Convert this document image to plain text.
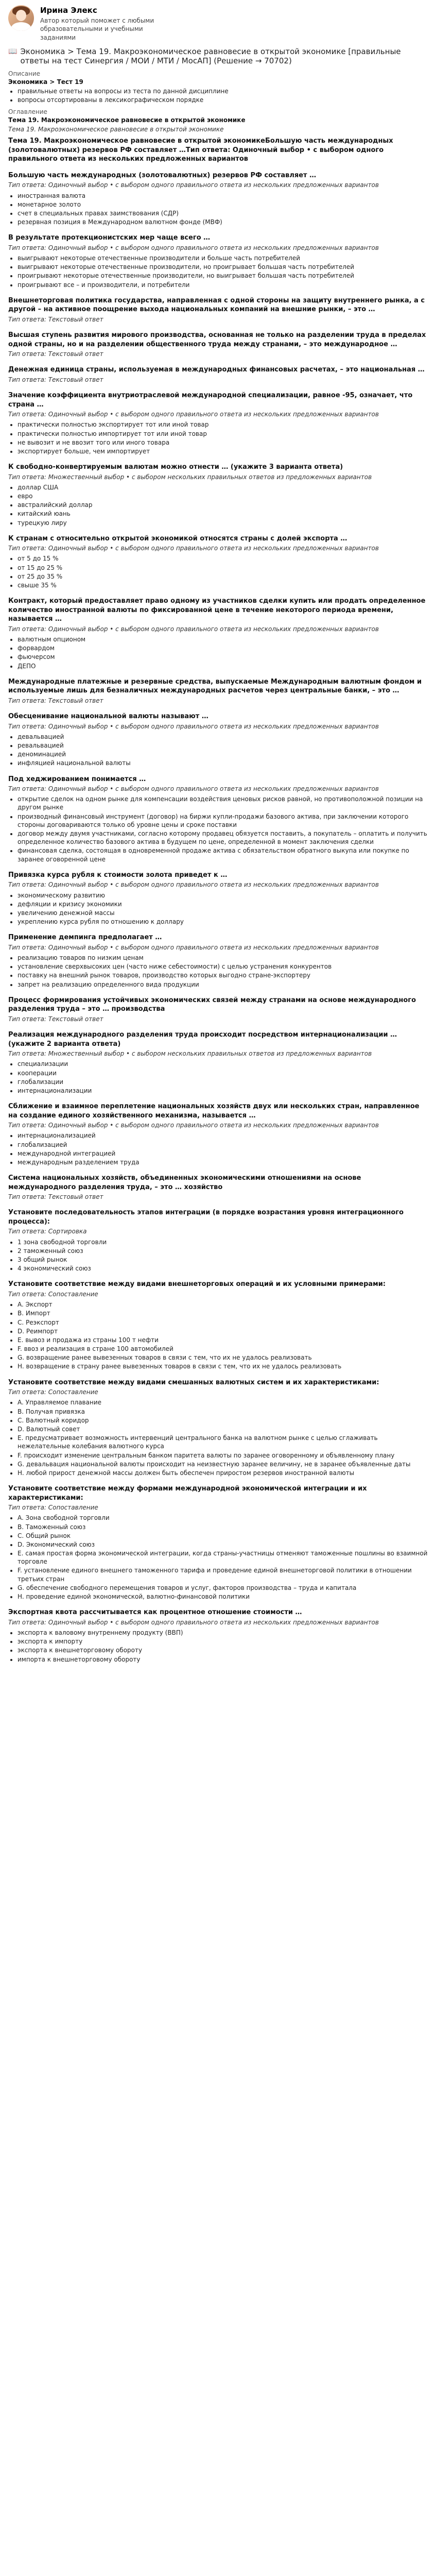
Ирина Элекс
Автор который поможет с любыми образовательными и учебными заданиями
📖 Экономика > Тема 19. Макроэкономическое равновесие в открытой экономике [правильные ответы на тест Синергия / МОИ / МТИ / МосАП] (Решение → 70702)
Описание
Экономика > Тест 19
• правильные ответы на вопросы из теста по данной дисциплине
• вопросы отсортированы в лексикографическом порядке
Оглавление
Тема 19. Макроэкономическое равновесие в открытой экономике
Тема 19. Макроэкономическое равновесие в открытой экономике
Тема 19. Макроэкономическое равновесие в открытой экономикеБольшую часть международных (золотовалютных) резервов РФ составляет …Тип ответа: Одиночный выбор • с выбором одного правильного ответа из нескольких предложенных вариантов
Большую часть международных (золотовалютных) резервов РФ составляет …
Тип ответа: Одиночный выбор • с выбором одного правильного ответа из нескольких предложенных вариантов
• иностранная валюта
• монетарное золото
• счет в специальных правах заимствования (СДР)
• резервная позиция в Международном валютном фонде (МВФ)
В результате протекционистских мер чаще всего …
Тип ответа: Одиночный выбор • с выбором одного правильного ответа из нескольких предложенных вариантов
• выигрывают некоторые отечественные производители и больше часть потребителей
• выигрывают некоторые отечественные производители, но проигрывает большая часть потребителей
• проигрывают некоторые отечественные производители, но выигрывает большая часть потребителей
• проигрывают все – и производители, и потребители
Внешнеторговая политика государства, направленная с одной стороны на защиту внутреннего рынка, а с другой – на активное поощрение выхода национальных компаний на внешние рынки, – это …
Тип ответа: Текстовый ответ
Высшая ступень развития мирового производства, основанная не только на разделении труда в пределах одной страны, но и на разделении общественного труда между странами, – это международное …
Тип ответа: Текстовый ответ
Денежная единица страны, используемая в международных финансовых расчетах, – это национальная …
Тип ответа: Текстовый ответ
Значение коэффициента внутриотраслевой международной специализации, равное -95, означает, что страна …
Тип ответа: Одиночный выбор • с выбором одного правильного ответа из нескольких предложенных вариантов
• практически полностью экспортирует тот или иной товар
• практически полностью импортирует тот или иной товар
• не вывозит и не ввозит того или иного товара
• экспортирует больше, чем импортирует
К свободно-конвертируемым валютам можно отнести … (укажите 3 варианта ответа)
Тип ответа: Множественный выбор • с выбором нескольких правильных ответов из предложенных вариантов
• доллар США
• евро
• австралийский доллар
• китайский юань
• турецкую лиру
К странам с относительно открытой экономикой относятся страны с долей экспорта …
Тип ответа: Одиночный выбор • с выбором одного правильного ответа из нескольких предложенных вариантов
• от 5 до 15 %
• от 15 до 25 %
• от 25 до 35 %
• свыше 35 %
Контракт, который предоставляет право одному из участников сделки купить или продать определенное количество иностранной валюты по фиксированной цене в течение некоторого периода времени, называется …
Тип ответа: Одиночный выбор • с выбором одного правильного ответа из нескольких предложенных вариантов
• валютным опционом
• форвардом
• фьючерсом
• ДЕПО
Международные платежные и резервные средства, выпускаемые Международным валютным фондом и используемые лишь для безналичных международных расчетов через центральные банки, – это …
Тип ответа: Текстовый ответ
Обесценивание национальной валюты называют …
Тип ответа: Одиночный выбор • с выбором одного правильного ответа из нескольких предложенных вариантов
• девальвацией
• ревальвацией
• деноминацией
• инфляцией национальной валюты
Под хеджированием понимается …
Тип ответа: Одиночный выбор • с выбором одного правильного ответа из нескольких предложенных вариантов
• открытие сделок на одном рынке для компенсации воздействия ценовых рисков равной, но противоположной позиции на другом рынке
• производный финансовый инструмент (договор) на биржи купли-продажи базового актива, при заключении которого стороны договариваются только об уровне цены и сроке поставки
• договор между двумя участниками, согласно которому продавец обязуется поставить, а покупатель – оплатить и получить определенное количество базового актива в будущем по цене, определенной в момент заключения сделки
• финансовая сделка, состоящая в одновременной продаже актива с обязательством обратного выкупа или покупке по заранее оговоренной цене
Привязка курса рубля к стоимости золота приведет к …
Тип ответа: Одиночный выбор • с выбором одного правильного ответа из нескольких предложенных вариантов
• экономическому развитию
• дефляции и кризису экономики
• увеличению денежной массы
• укреплению курса рубля по отношению к доллару
Применение демпинга предполагает …
Тип ответа: Одиночный выбор • с выбором одного правильного ответа из нескольких предложенных вариантов
• реализацию товаров по низким ценам
• установление сверхвысоких цен (часто ниже себестоимости) с целью устранения конкурентов
• поставку на внешний рынок товаров, производство которых выгодно стране-экспортеру
• запрет на реализацию определенного вида продукции
Процесс формирования устойчивых экономических связей между странами на основе международного разделения труда – это … производства
Тип ответа: Текстовый ответ
Реализация международного разделения труда происходит посредством интернационализации … (укажите 2 варианта ответа)
Тип ответа: Множественный выбор • с выбором нескольких правильных ответов из предложенных вариантов
• специализации
• кооперации
• глобализации
• интернационализации
Сближение и взаимное переплетение национальных хозяйств двух или нескольких стран, направленное на создание единого хозяйственного механизма, называется …
Тип ответа: Одиночный выбор • с выбором одного правильного ответа из нескольких предложенных вариантов
• интернационализацией
• глобализацией
• международной интеграцией
• международным разделением труда
Система национальных хозяйств, объединенных экономическими отношениями на основе международного разделения труда, – это … хозяйство
Тип ответа: Текстовый ответ
Установите последовательность этапов интеграции (в порядке возрастания уровня интеграционного процесса):
Тип ответа: Сортировка
• 1 зона свободной торговли
• 2 таможенный союз
• 3 общий рынок
• 4 экономический союз
Установите соответствие между видами внешнеторговых операций и их условными примерами:
Тип ответа: Сопоставление
• A. Экспорт
• B. Импорт
• C. Реэкспорт
• D. Реимпорт
• E. вывоз и продажа из страны 100 т нефти
• F. ввоз и реализация в стране 100 автомобилей
• G. возвращение ранее вывезенных товаров в связи с тем, что их не удалось реализовать
• H. возвращение в страну ранее вывезенных товаров в связи с тем, что их не удалось реализовать
Установите соответствие между видами смешанных валютных систем и их характеристиками:
Тип ответа: Сопоставление
• A. Управляемое плавание
• B. Получая привязка
• C. Валютный коридор
• D. Валютный совет
• E. предусматривает возможность интервенций центрального банка на валютном рынке с целью сглаживать нежелательные колебания валютного курса
• F. происходит изменение центральным банком паритета валюты по заранее оговоренному и объявленному плану
• G. девальвация национальной валюты происходит на неизвестную заранее величину, не в заранее объявленные даты
• H. любой прирост денежной массы должен быть обеспечен приростом резервов иностранной валюты
Установите соответствие между формами международной экономической интеграции и их характеристиками:
Тип ответа: Сопоставление
• A. Зона свободной торговли
• B. Таможенный союз
• C. Общий рынок
• D. Экономический союз
• E. самая простая форма экономической интеграции, когда страны-участницы отменяют таможенные пошлины во взаимной торговле
• F. установление единого внешнего таможенного тарифа и проведение единой внешнеторговой политики в отношении третьих стран
• G. обеспечение свободного перемещения товаров и услуг, факторов производства – труда и капитала
• H. проведение единой экономической, валютно-финансовой политики
Экспортная квота рассчитывается как процентное отношение стоимости …
Тип ответа: Одиночный выбор • с выбором одного правильного ответа из нескольких предложенных вариантов
• экспорта к валовому внутреннему продукту (ВВП)
• экспорта к импорту
• экспорта к внешнеторговому обороту
• импорта к внешнеторговому обороту
